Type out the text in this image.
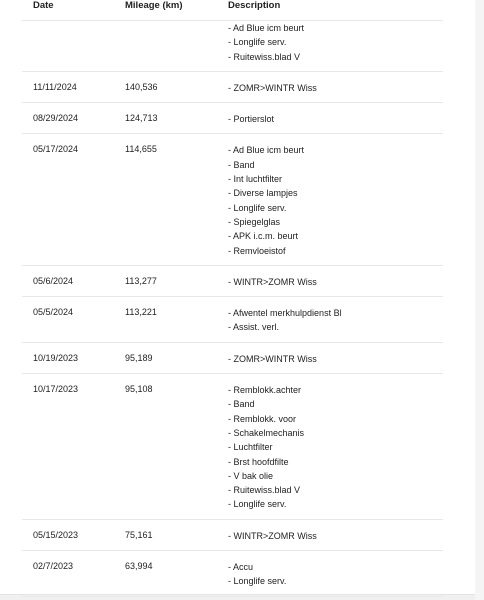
Date	Mileage (km)	Description
- Ad Blue icm beurt
- Longlife serv.
- Ruitewiss.blad V
11/11/2024	140,536	- ZOMR>WINTR Wiss
08/29/2024	124,713	- Portierslot
05/17/2024	114,655	- Ad Blue icm beurt
- Band
- Int luchtfilter
- Diverse lampjes
- Longlife serv.
- Spiegelglas
- APK i.c.m. beurt
- Remvloeistof
05/6/2024	113,277	- WINTR>ZOMR Wiss
05/5/2024	113,221	- Afwentel merkhulpdienst Bl
- Assist. verl.
10/19/2023	95,189	- ZOMR>WINTR Wiss
10/17/2023	95,108	- Remblokk.achter
- Band
- Remblokk. voor
- Schakelmechanis
- Luchtfilter
- Brst hoofdfilte
- V bak olie
- Ruitewiss.blad V
- Longlife serv.
05/15/2023	75,161	- WINTR>ZOMR Wiss
02/7/2023	63,994	- Accu
- Longlife serv.
